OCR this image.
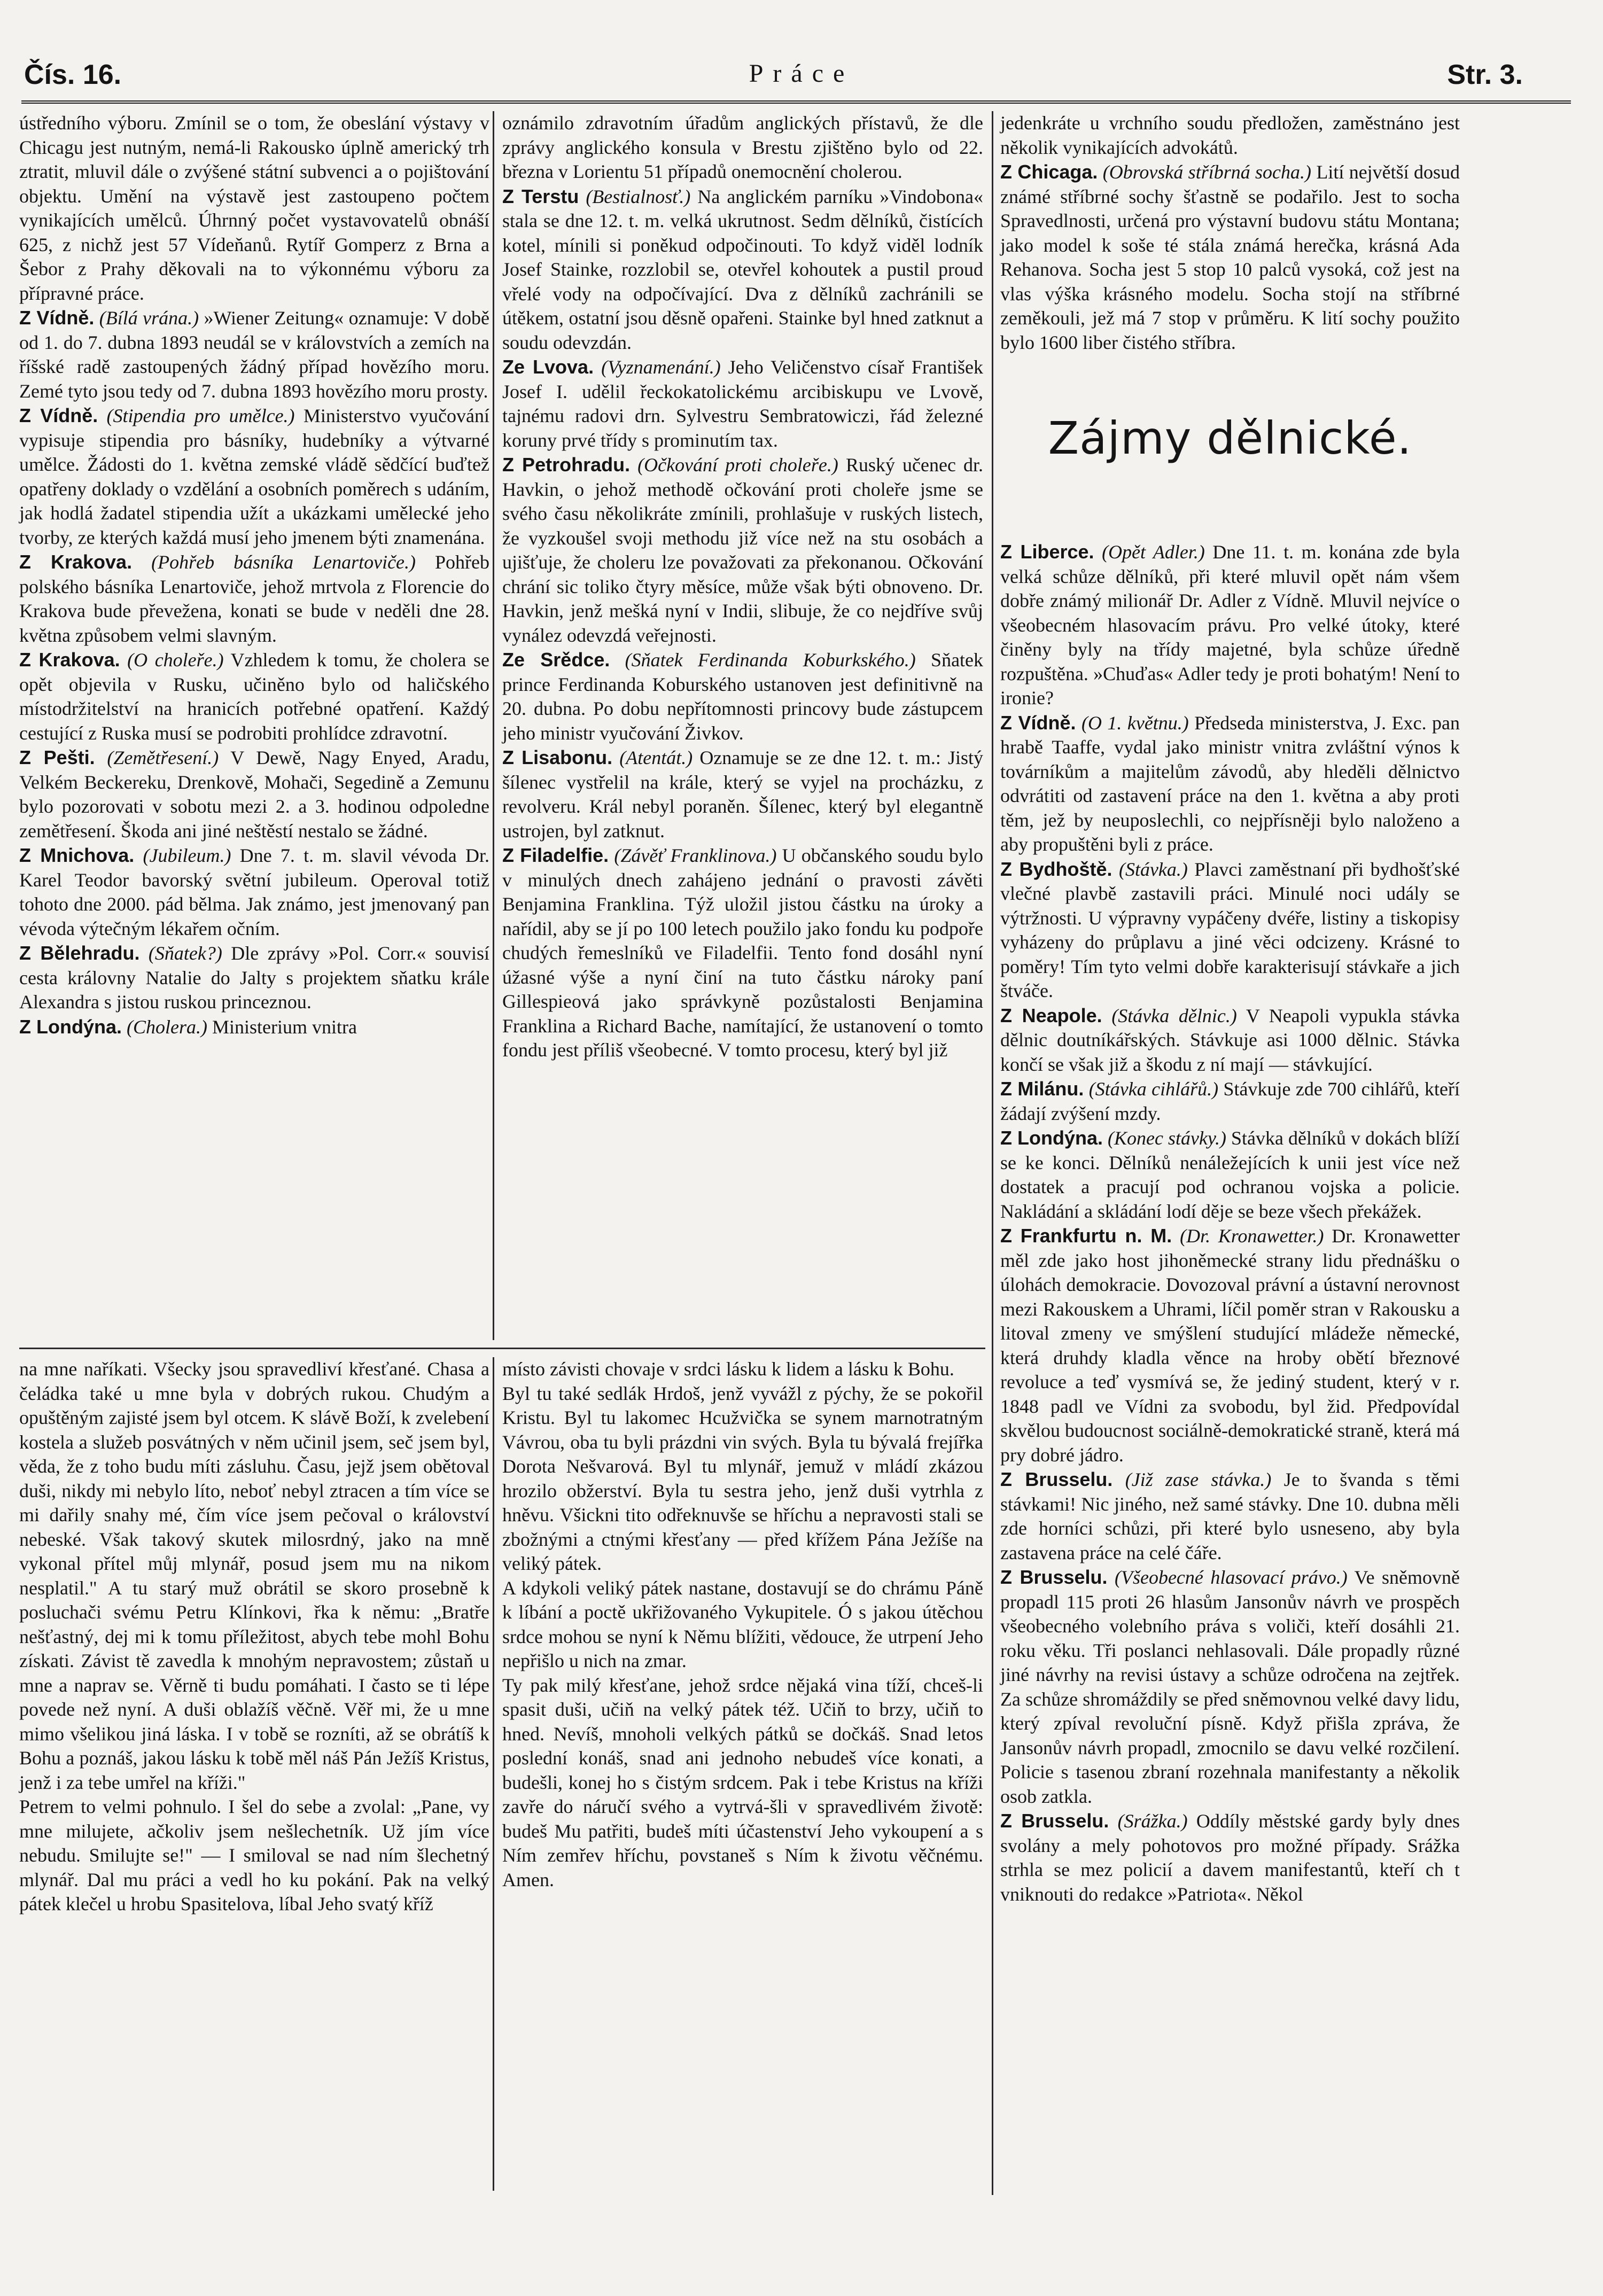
Čís. 16.	Práce	Str. 3.

ústředního výboru. Zmínil se o tom, že obeslání výstavy v Chicagu jest nutným, nemá-li Rakousko úplně americký trh ztratit, mluvil dále o zvýšené státní subvenci a o pojištování objektu. Umění na výstavě jest zastoupeno počtem vynikajících umělců. Úhrnný počet vystavovatelů obnáší 625, z nichž jest 57 Vídeňanů. Rytíř Gomperz z Brna a Šebor z Prahy děkovali na to výkonnému výboru za přípravné práce.

Z Vídně. (Bílá vrána.) »Wiener Zeitung« oznamuje: V době od 1. do 7. dubna 1893 neudál se v královstvích a zemích na říšské radě zastoupených žádný případ hovězího moru. Zemé tyto jsou tedy od 7. dubna 1893 hovězího moru prosty.

Z Vídně. (Stipendia pro umělce.) Ministerstvo vyučování vypisuje stipendia pro básníky, hudebníky a výtvarné umělce. Žádosti do 1. května zemské vládě sědčící buďtež opatřeny doklady o vzdělání a osobních poměrech s udáním, jak hodlá žadatel stipendia užít a ukázkami umělecké jeho tvorby, ze kterých každá musí jeho jmenem býti znamenána.

Z Krakova. (Pohřeb básníka Lenartoviče.) Pohřeb polského básníka Lenartoviče, jehož mrtvola z Florencie do Krakova bude převežena, konati se bude v neděli dne 28. května způsobem velmi slavným.

Z Krakova. (O choleře.) Vzhledem k tomu, že cholera se opět objevila v Rusku, učiněno bylo od haličského místodržitelství na hranicích potřebné opatření. Každý cestující z Ruska musí se podrobiti prohlídce zdravotní.

Z Pešti. (Zemětřesení.) V Dewě, Nagy Enyed, Aradu, Velkém Beckereku, Drenkově, Mohači, Segedině a Zemunu bylo pozorovati v sobotu mezi 2. a 3. hodinou odpoledne zemětřesení. Škoda ani jiné neštěstí nestalo se žádné.

Z Mnichova. (Jubileum.) Dne 7. t. m. slavil vévoda Dr. Karel Teodor bavorský světní jubileum. Operoval totiž tohoto dne 2000. pád bělma. Jak známo, jest jmenovaný pan vévoda výtečným lékařem očním.

Z Bělehradu. (Sňatek?) Dle zprávy »Pol. Corr.« souvisí cesta královny Natalie do Jalty s projektem sňatku krále Alexandra s jistou ruskou princeznou.

Z Londýna. (Cholera.) Ministerium vnitra

oznámilo zdravotním úřadům anglických přístavů, že dle zprávy anglického konsula v Brestu zjištěno bylo od 22. března v Lorientu 51 případů onemocnění cholerou.

Z Terstu (Bestialnosť.) Na anglickém parníku »Vindobona« stala se dne 12. t. m. velká ukrutnost. Sedm dělníků, čistících kotel, mínili si poněkud odpočinouti. To když viděl lodník Josef Stainke, rozzlobil se, otevřel kohoutek a pustil proud vřelé vody na odpočívající. Dva z dělníků zachránili se útěkem, ostatní jsou děsně opařeni. Stainke byl hned zatknut a soudu odevzdán.

Ze Lvova. (Vyznamenání.) Jeho Veličenstvo císař František Josef I. udělil řeckokatolickému arcibiskupu ve Lvově, tajnému radovi drn. Sylvestru Sembratowiczi, řád železné koruny prvé třídy s prominutím tax.

Z Petrohradu. (Očkování proti choleře.) Ruský učenec dr. Havkin, o jehož methodě očkování proti choleře jsme se svého času několikráte zmínili, prohlašuje v ruských listech, že vyzkoušel svoji methodu již více než na stu osobách a ujišťuje, že choleru lze považovati za překonanou. Očkování chrání sic toliko čtyry měsíce, může však býti obnoveno. Dr. Havkin, jenž mešká nyní v Indii, slibuje, že co nejdříve svůj vynález odevzdá veřejnosti.

Ze Srědce. (Sňatek Ferdinanda Koburkského.) Sňatek prince Ferdinanda Koburského ustanoven jest definitivně na 20. dubna. Po dobu nepřítomnosti princovy bude zástupcem jeho ministr vyučování Živkov.

Z Lisabonu. (Atentát.) Oznamuje se ze dne 12. t. m.: Jistý šílenec vystřelil na krále, který se vyjel na procházku, z revolveru. Král nebyl poraněn. Šílenec, který byl elegantně ustrojen, byl zatknut.

Z Filadelfie. (Závěť Franklinova.) U občanského soudu bylo v minulých dnech zahájeno jednání o pravosti závěti Benjamina Franklina. Týž uložil jistou částku na úroky a nařídil, aby se jí po 100 letech použilo jako fondu ku podpoře chudých řemeslníků ve Filadelfii. Tento fond dosáhl nyní úžasné výše a nyní činí na tuto částku nároky paní Gillespieová jako správkyně pozůstalosti Benjamina Franklina a Richard Bache, namítající, že ustanovení o tomto fondu jest příliš všeobecné. V tomto procesu, který byl již

jedenkráte u vrchního soudu předložen, zaměstnáno jest několik vynikajících advokátů.

Z Chicaga. (Obrovská stříbrná socha.) Lití největší dosud známé stříbrné sochy šťastně se podařilo. Jest to socha Spravedlnosti, určená pro výstavní budovu státu Montana; jako model k soše té stála známá herečka, krásná Ada Rehanova. Socha jest 5 stop 10 palců vysoká, což jest na vlas výška krásného modelu. Socha stojí na stříbrné zeměkouli, jež má 7 stop v průměru. K lití sochy použito bylo 1600 liber čistého stříbra.

Zájmy dělnické.

Z Liberce. (Opět Adler.) Dne 11. t. m. konána zde byla velká schůze dělníků, při které mluvil opět nám všem dobře známý milionář Dr. Adler z Vídně. Mluvil nejvíce o všeobecném hlasovacím právu. Pro velké útoky, které činěny byly na třídy majetné, byla schůze úředně rozpuštěna. »Chuďas« Adler tedy je proti bohatým! Není to ironie?

Z Vídně. (O 1. květnu.) Předseda ministerstva, J. Exc. pan hrabě Taaffe, vydal jako ministr vnitra zvláštní výnos k továrníkům a majitelům závodů, aby hleděli dělnictvo odvrátiti od zastavení práce na den 1. května a aby proti těm, jež by neuposlechli, co nejpřísněji bylo naloženo a aby propuštěni byli z práce.

Z Bydhoště. (Stávka.) Plavci zaměstnaní při bydhošťské vlečné plavbě zastavili práci. Minulé noci udály se výtržnosti. U výpravny vypáčeny dvéře, listiny a tiskopisy vyházeny do průplavu a jiné věci odcizeny. Krásné to poměry! Tím tyto velmi dobře karakterisují stávkaře a jich štváče.

Z Neapole. (Stávka dělnic.) V Neapoli vypukla stávka dělnic doutníkářských. Stávkuje asi 1000 dělnic. Stávka končí se však již a škodu z ní mají — stávkující.

Z Milánu. (Stávka cihlářů.) Stávkuje zde 700 cihlářů, kteří žádají zvýšení mzdy.

Z Londýna. (Konec stávky.) Stávka dělníků v dokách blíží se ke konci. Dělníků nenáležejících k unii jest více než dostatek a pracují pod ochranou vojska a policie. Nakládání a skládání lodí děje se beze všech překážek.

Z Frankfurtu n. M. (Dr. Kronawetter.) Dr. Kronawetter měl zde jako host jihoněmecké strany lidu přednášku o úlohách demokracie. Dovozoval právní a ústavní nerovnost mezi Rakouskem a Uhrami, líčil poměr stran v Rakousku a litoval zmeny ve smýšlení studující mládeže německé, která druhdy kladla věnce na hroby obětí březnové revoluce a teď vysmívá se, že jediný student, který v r. 1848 padl ve Vídni za svobodu, byl žid. Předpovídal skvělou budoucnost sociálně-demokratické straně, která má pry dobré jádro.

Z Brusselu. (Již zase stávka.) Je to švanda s těmi stávkami! Nic jiného, než samé stávky. Dne 10. dubna měli zde horníci schůzi, při které bylo usneseno, aby byla zastavena práce na celé čáře.

Z Brusselu. (Všeobecné hlasovací právo.) Ve sněmovně propadl 115 proti 26 hlasům Jansonův návrh ve prospěch všeobecného volebního práva s voliči, kteří dosáhli 21. roku věku. Tři poslanci nehlasovali. Dále propadly různé jiné návrhy na revisi ústavy a schůze odročena na zejtřek. Za schůze shromáždily se před sněmovnou velké davy lidu, který zpíval revoluční písně. Když přišla zpráva, že Jansonův návrh propadl, zmocnilo se davu velké rozčilení. Policie s tasenou zbraní rozehnala manifestanty a několik osob zatkla.

Z Brusselu. (Srážka.) Oddíly městské gardy byly dnes svolány a mely pohotovos pro možné případy. Srážka strhla se mez policií a davem manifestantů, kteří ch t vniknouti do redakce »Patriota«. Někol

na mne naříkati. Všecky jsou spravedliví křesťané. Chasa a čeládka také u mne byla v dobrých rukou. Chudým a opuštěným zajisté jsem byl otcem. K slávě Boží, k zvelebení kostela a služeb posvátných v něm učinil jsem, seč jsem byl, věda, že z toho budu míti zásluhu. Času, jejž jsem obětoval duši, nikdy mi nebylo líto, neboť nebyl ztracen a tím více se mi dařily snahy mé, čím více jsem pečoval o království nebeské. Však takový skutek milosrdný, jako na mně vykonal přítel můj mlynář, posud jsem mu na nikom nesplatil." A tu starý muž obrátil se skoro prosebně k posluchači svému Petru Klínkovi, řka k němu: „Bratře nešťastný, dej mi k tomu příležitost, abych tebe mohl Bohu získati. Závist tě zavedla k mnohým nepravostem; zůstaň u mne a naprav se. Věrně ti budu pomáhati. I často se ti lépe povede než nyní. A duši oblažíš věčně. Věř mi, že u mne mimo všelikou jiná láska. I v tobě se rozníti, až se obrátíš k Bohu a poznáš, jakou lásku k tobě měl náš Pán Ježíš Kristus, jenž i za tebe umřel na kříži."

Petrem to velmi pohnulo. I šel do sebe a zvolal: „Pane, vy mne milujete, ačkoliv jsem nešlechetník. Už jím více nebudu. Smilujte se!" — I smiloval se nad ním šlechetný mlynář. Dal mu práci a vedl ho ku pokání. Pak na velký pátek klečel u hrobu Spasitelova, líbal Jeho svatý kříž

místo závisti chovaje v srdci lásku k lidem a lásku k Bohu.

Byl tu také sedlák Hrdoš, jenž vyvážl z pýchy, že se pokořil Kristu. Byl tu lakomec Hcužvička se synem marnotratným Vávrou, oba tu byli prázdni vin svých. Byla tu bývalá frejířka Dorota Nešvarová. Byl tu mlynář, jemuž v mládí zkázou hrozilo obžerství. Byla tu sestra jeho, jenž duši vytrhla z hněvu. Všickni tito odřeknuvše se hříchu a nepravosti stali se zbožnými a ctnými křesťany — před křížem Pána Ježíše na veliký pátek.

A kdykoli veliký pátek nastane, dostavují se do chrámu Páně k líbání a poctě ukřižovaného Vykupitele. Ó s jakou útěchou srdce mohou se nyní k Němu blížiti, vědouce, že utrpení Jeho nepřišlo u nich na zmar.

Ty pak milý křesťane, jehož srdce nějaká vina tíží, chceš-li spasit duši, učiň na velký pátek též. Učiň to brzy, učiň to hned. Nevíš, mnoholi velkých pátků se dočkáš. Snad letos poslední konáš, snad ani jednoho nebudeš více konati, a budešli, konej ho s čistým srdcem. Pak i tebe Kristus na kříži zavře do náručí svého a vytrvá-šli v spravedlivém životě: budeš Mu patřiti, budeš míti účastenství Jeho vykoupení a s Ním zemřev hříchu, povstaneš s Ním k životu věčnému. Amen.
